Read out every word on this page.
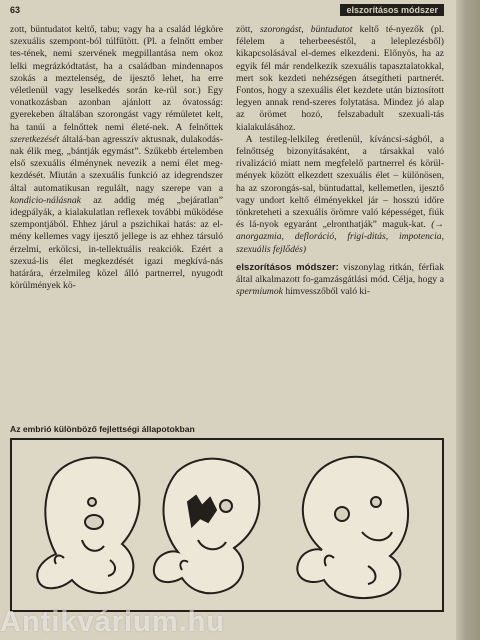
63	elszorításos módszer

zott, büntudatot keltő, tabu; vagy ha a család légköre szexuális szempont-ból túlfűtött. (Pl. a felnőtt ember tes-tének, nemi szervének megpillantása nem okoz lelki megrázkódtatást, ha a családban mindennapos szokás a meztelenség, de ijesztő lehet, ha erre véletlenül vagy leselkedés során ke-rül sor.) Egy vonatkozásban azonban ajánlott az óvatosság: gyerekeben általában szorongást vagy rémületet kelt, ha tanúi a felnőttek nemi életé-nek. A felnőttek szeretkezését általá-ban agresszív aktusnak, dulakodás-nak élik meg, „bántják egymást”. Szűkebb értelemben első szexuális élménynek nevezik a nemi élet meg-kezdését. Miután a szexuális funkció az idegrendszer által automatikusan regulált, nagy szerepe van a kondicio-nálásnak az addig még „bejáratlan” idegpályák, a kialakulatlan reflexek további működése szempontjából. Ehhez járul a pszichikai hatás: az el-mény kellemes vagy ijesztő jellege is az ehhez társuló érzelmi, erkölcsi, in-tellektuális reakciók. Ezért a szexuá-lis élet megkezdését igazi megkívá-nás határára, érzelmileg közel álló partnerrel, nyugodt körülmények kö-

zött, szorongást, büntudatot keltő té-nyezők (pl. félelem a teherbeeséstől, a leleplezésből) kikapcsolásával el-demes elkezdeni. Előnyös, ha az egyik fél már rendelkezik szexuális tapasztalatokkal, mert sok kezdeti nehézségen átsegítheti partnerét. Fontos, hogy a szexuális élet kezdete után biztosított legyen annak rend-szeres folytatása. Mindez jó alap az örömet hozó, felszabadult szexuali-tás kialakulásához.

 A testileg-lelkileg éretlenül, kíváncsi-ságból, a felnőttség bizonyításaként, a társakkal való rivalizáció miatt nem megfelelő partnerrel és körül-mények között elkezdett szexuális élet – különösen, ha az szorongás-sal, büntudattal, kellemetlen, ijesztő vagy undort keltő élményekkel jár – hosszú időre tönkreteheti a szexuális örömre való képességet, fiúk és lá-nyok egyaránt „elronthatják” maguk-kat. (→ anorgazmia, defloráció, frigi-ditás, impotencia, szexuális fejlődés)

elszorításos módszer: viszonylag ritkán, férfiak által alkalmazott fo-gamzásgátlási mód. Célja, hogy a spermiumok himvesszőből való ki-

Az embrió különböző fejlettségi állapotokban
Antikvárium.hu
